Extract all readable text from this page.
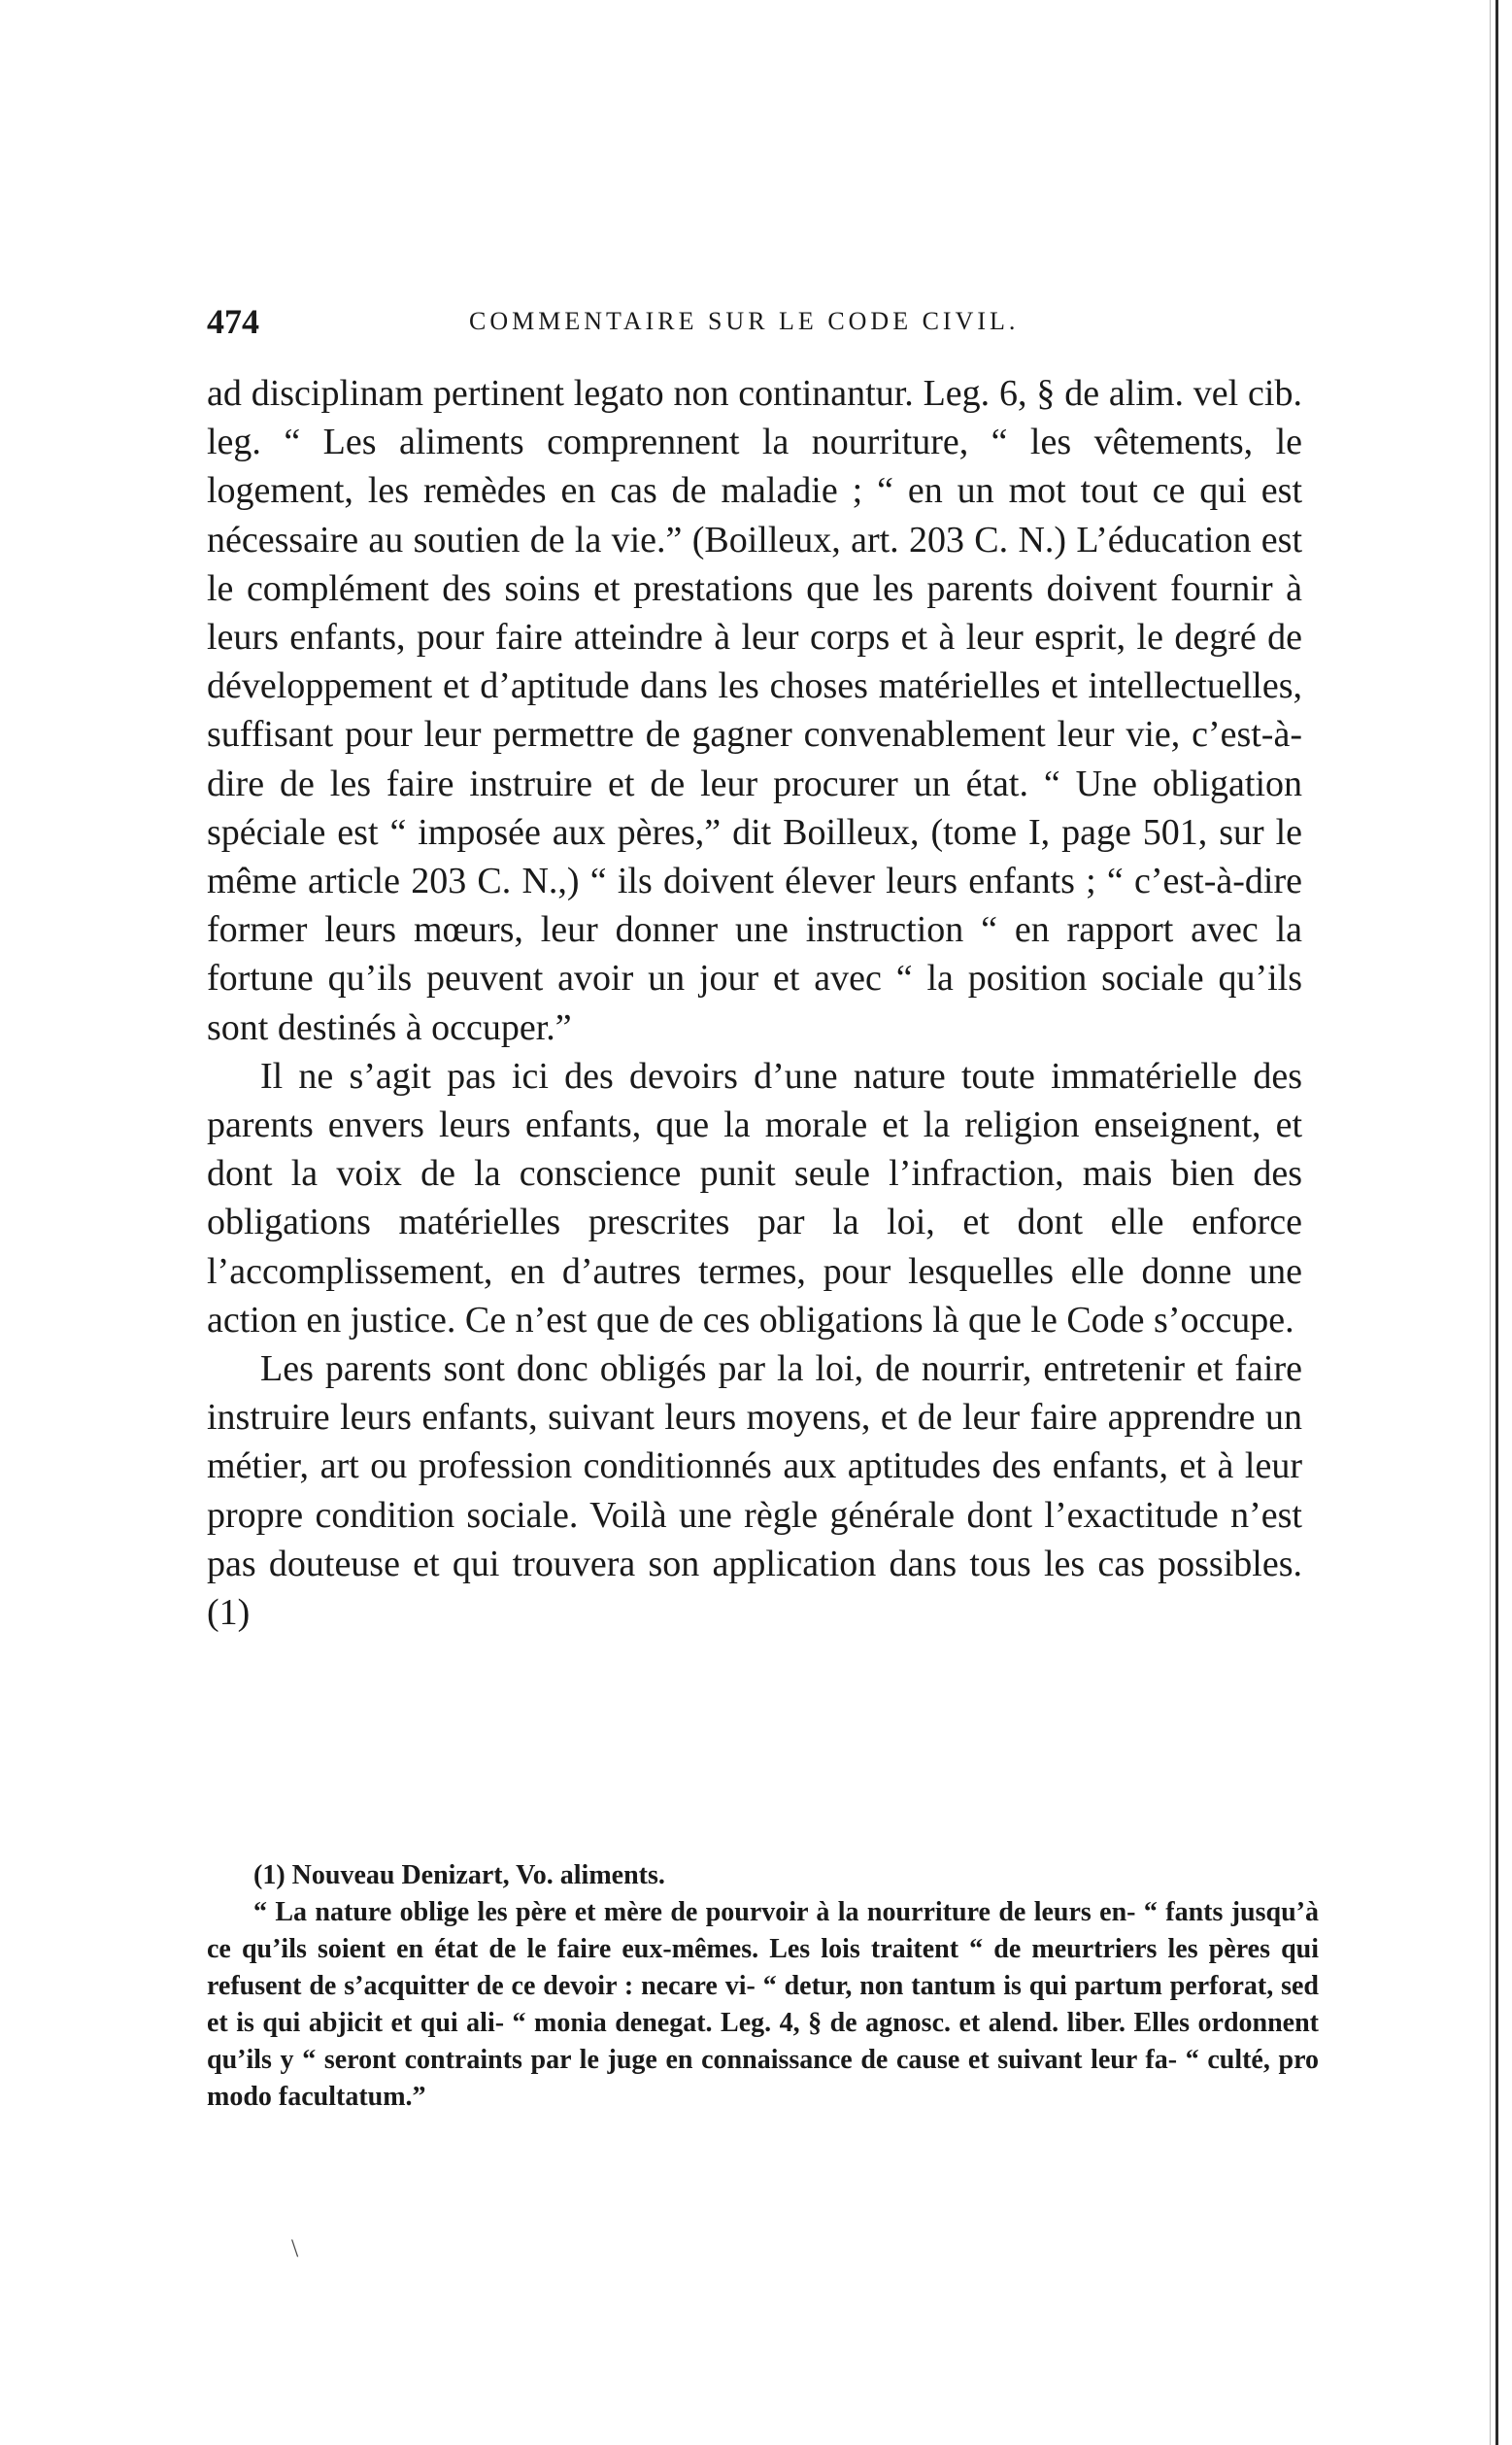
474	COMMENTAIRE SUR LE CODE CIVIL.

ad disciplinam pertinent legato non continantur. Leg. 6, § de alim. vel cib. leg. “ Les aliments comprennent la nourriture, “ les vêtements, le logement, les remèdes en cas de maladie ; “ en un mot tout ce qui est nécessaire au soutien de la vie.” (Boilleux, art. 203 C. N.) L’éducation est le complément des soins et prestations que les parents doivent fournir à leurs enfants, pour faire atteindre à leur corps et à leur esprit, le degré de développement et d’aptitude dans les choses matérielles et intellectuelles, suffisant pour leur permettre de gagner convenablement leur vie, c’est-à-dire de les faire instruire et de leur procurer un état. “ Une obligation spéciale est “ imposée aux pères,” dit Boilleux, (tome I, page 501, sur le même article 203 C. N.,) “ ils doivent élever leurs enfants ; “ c’est-à-dire former leurs mœurs, leur donner une instruction “ en rapport avec la fortune qu’ils peuvent avoir un jour et avec “ la position sociale qu’ils sont destinés à occuper.”

Il ne s’agit pas ici des devoirs d’une nature toute immatérielle des parents envers leurs enfants, que la morale et la religion enseignent, et dont la voix de la conscience punit seule l’infraction, mais bien des obligations matérielles prescrites par la loi, et dont elle enforce l’accomplissement, en d’autres termes, pour lesquelles elle donne une action en justice. Ce n’est que de ces obligations là que le Code s’occupe.

Les parents sont donc obligés par la loi, de nourrir, entretenir et faire instruire leurs enfants, suivant leurs moyens, et de leur faire apprendre un métier, art ou profession conditionnés aux aptitudes des enfants, et à leur propre condition sociale. Voilà une règle générale dont l’exactitude n’est pas douteuse et qui trouvera son application dans tous les cas possibles. (1)

(1) Nouveau Denizart, Vo. aliments.

“ La nature oblige les père et mère de pourvoir à la nourriture de leurs en- “ fants jusqu’à ce qu’ils soient en état de le faire eux-mêmes. Les lois traitent “ de meurtriers les pères qui refusent de s’acquitter de ce devoir : necare vi- “ detur, non tantum is qui partum perforat, sed et is qui abjicit et qui ali- “ monia denegat. Leg. 4, § de agnosc. et alend. liber. Elles ordonnent qu’ils y “ seront contraints par le juge en connaissance de cause et suivant leur fa- “ culté, pro modo facultatum.”

\
